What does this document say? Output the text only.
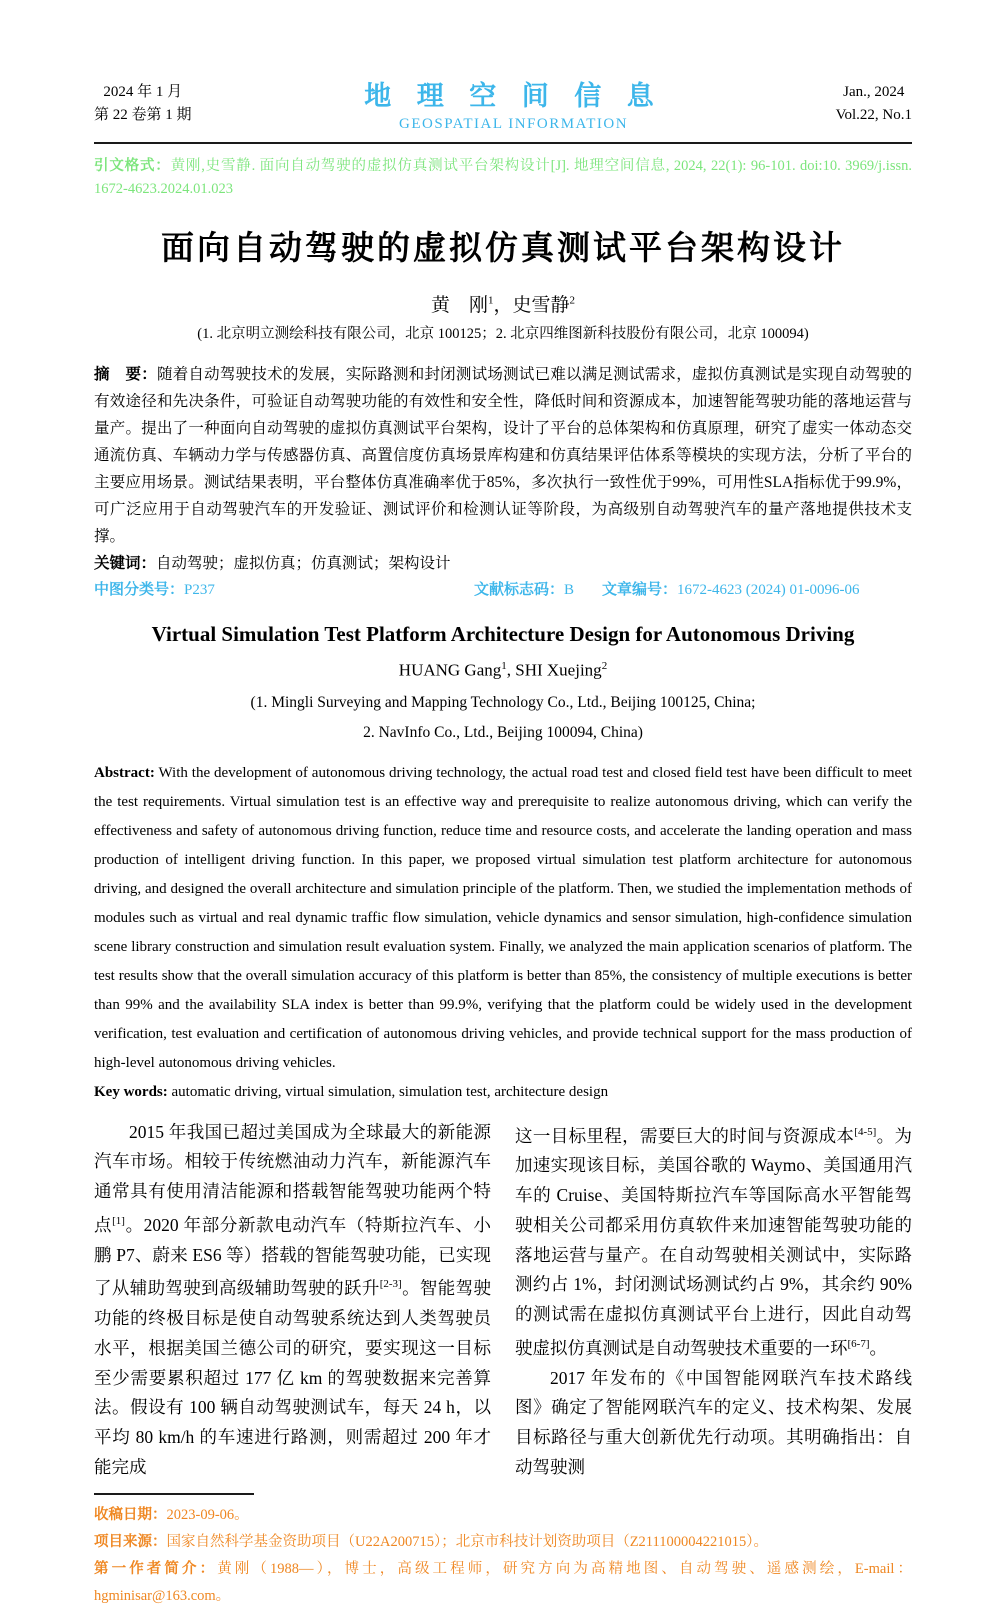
2024 年 1 月
第 22 卷第 1 期
地 理 空 间 信 息
GEOSPATIAL INFORMATION
Jan., 2024
Vol.22, No.1
引文格式：黄刚,史雪静. 面向自动驾驶的虚拟仿真测试平台架构设计[J]. 地理空间信息, 2024, 22(1): 96-101. doi:10. 3969/j.issn. 1672-4623.2024.01.023
面向自动驾驶的虚拟仿真测试平台架构设计
黄　刚$^1$，史雪静$^2$
(1. 北京明立测绘科技有限公司，北京 100125；2. 北京四维图新科技股份有限公司，北京 100094)
摘　要：随着自动驾驶技术的发展，实际路测和封闭测试场测试已难以满足测试需求，虚拟仿真测试是实现自动驾驶的有效途径和先决条件，可验证自动驾驶功能的有效性和安全性，降低时间和资源成本，加速智能驾驶功能的落地运营与量产。提出了一种面向自动驾驶的虚拟仿真测试平台架构，设计了平台的总体架构和仿真原理，研究了虚实一体动态交通流仿真、车辆动力学与传感器仿真、高置信度仿真场景库构建和仿真结果评估体系等模块的实现方法，分析了平台的主要应用场景。测试结果表明，平台整体仿真准确率优于85%，多次执行一致性优于99%，可用性SLA指标优于99.9%，可广泛应用于自动驾驶汽车的开发验证、测试评价和检测认证等阶段，为高级别自动驾驶汽车的量产落地提供技术支撑。
关键词：自动驾驶；虚拟仿真；仿真测试；架构设计
中图分类号：P237	文献标志码：B	文章编号：1672-4623 (2024) 01-0096-06
Virtual Simulation Test Platform Architecture Design for Autonomous Driving
HUANG Gang$^1$, SHI Xuejing$^2$
(1. Mingli Surveying and Mapping Technology Co., Ltd., Beijing 100125, China;
2. NavInfo Co., Ltd., Beijing 100094, China)
Abstract: With the development of autonomous driving technology, the actual road test and closed field test have been difficult to meet the test requirements. Virtual simulation test is an effective way and prerequisite to realize autonomous driving, which can verify the effectiveness and safety of autonomous driving function, reduce time and resource costs, and accelerate the landing operation and mass production of intelligent driving function. In this paper, we proposed virtual simulation test platform architecture for autonomous driving, and designed the overall architecture and simulation principle of the platform. Then, we studied the implementation methods of modules such as virtual and real dynamic traffic flow simulation, vehicle dynamics and sensor simulation, high-confidence simulation scene library construction and simulation result evaluation system. Finally, we analyzed the main application scenarios of platform. The test results show that the overall simulation accuracy of this platform is better than 85%, the consistency of multiple executions is better than 99% and the availability SLA index is better than 99.9%, verifying that the platform could be widely used in the development verification, test evaluation and certification of autonomous driving vehicles, and provide technical support for the mass production of high-level autonomous driving vehicles.
Key words: automatic driving, virtual simulation, simulation test, architecture design

2015 年我国已超过美国成为全球最大的新能源汽车市场。相较于传统燃油动力汽车，新能源汽车通常具有使用清洁能源和搭载智能驾驶功能两个特点[1]。2020 年部分新款电动汽车（特斯拉汽车、小鹏 P7、蔚来 ES6 等）搭载的智能驾驶功能，已实现了从辅助驾驶到高级辅助驾驶的跃升[2-3]。智能驾驶功能的终极目标是使自动驾驶系统达到人类驾驶员水平，根据美国兰德公司的研究，要实现这一目标至少需要累积超过 177 亿 km 的驾驶数据来完善算法。假设有 100 辆自动驾驶测试车，每天 24 h，以平均 80 km/h 的车速进行路测，则需超过 200 年才能完成

这一目标里程，需要巨大的时间与资源成本[4-5]。为加速实现该目标，美国谷歌的 Waymo、美国通用汽车的 Cruise、美国特斯拉汽车等国际高水平智能驾驶相关公司都采用仿真软件来加速智能驾驶功能的落地运营与量产。在自动驾驶相关测试中，实际路测约占 1%，封闭测试场测试约占 9%，其余约 90%的测试需在虚拟仿真测试平台上进行，因此自动驾驶虚拟仿真测试是自动驾驶技术重要的一环[6-7]。

2017 年发布的《中国智能网联汽车技术路线图》确定了智能网联汽车的定义、技术构架、发展目标路径与重大创新优先行动项。其明确指出：自动驾驶测

收稿日期：2023-09-06。
项目来源：国家自然科学基金资助项目（U22A200715）；北京市科技计划资助项目（Z211100004221015）。
第一作者简介：黄刚（1988—），博士，高级工程师，研究方向为高精地图、自动驾驶、遥感测绘，E-mail：hgminisar@163.com。
